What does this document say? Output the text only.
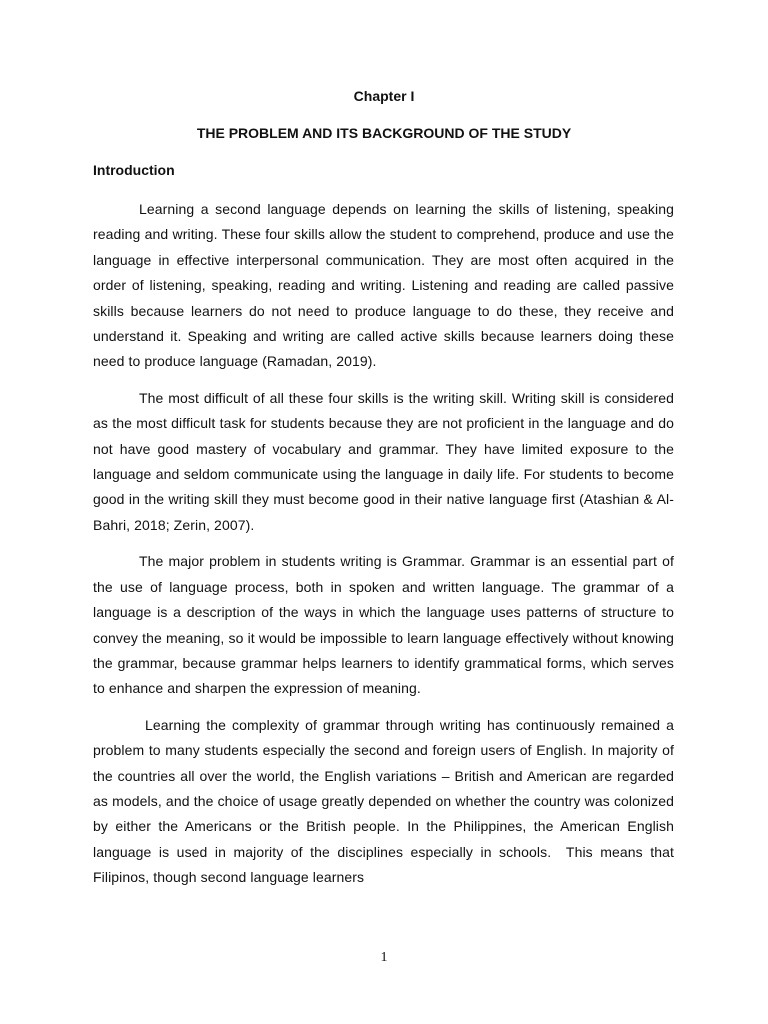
Chapter I

THE PROBLEM AND ITS BACKGROUND OF THE STUDY

Introduction

Learning a second language depends on learning the skills of listening, speaking reading and writing. These four skills allow the student to comprehend, produce and use the language in effective interpersonal communication. They are most often acquired in the order of listening, speaking, reading and writing. Listening and reading are called passive skills because learners do not need to produce language to do these, they receive and understand it. Speaking and writing are called active skills because learners doing these need to produce language (Ramadan, 2019).

The most difficult of all these four skills is the writing skill. Writing skill is considered as the most difficult task for students because they are not proficient in the language and do not have good mastery of vocabulary and grammar. They have limited exposure to the language and seldom communicate using the language in daily life. For students to become good in the writing skill they must become good in their native language first (Atashian & Al-Bahri, 2018; Zerin, 2007).

The major problem in students writing is Grammar. Grammar is an essential part of the use of language process, both in spoken and written language. The grammar of a language is a description of the ways in which the language uses patterns of structure to convey the meaning, so it would be impossible to learn language effectively without knowing the grammar, because grammar helps learners to identify grammatical forms, which serves to enhance and sharpen the expression of meaning.

Learning the complexity of grammar through writing has continuously remained a problem to many students especially the second and foreign users of English. In majority of the countries all over the world, the English variations – British and American are regarded as models, and the choice of usage greatly depended on whether the country was colonized by either the Americans or the British people. In the Philippines, the American English language is used in majority of the disciplines especially in schools.  This means that Filipinos, though second language learners

1
